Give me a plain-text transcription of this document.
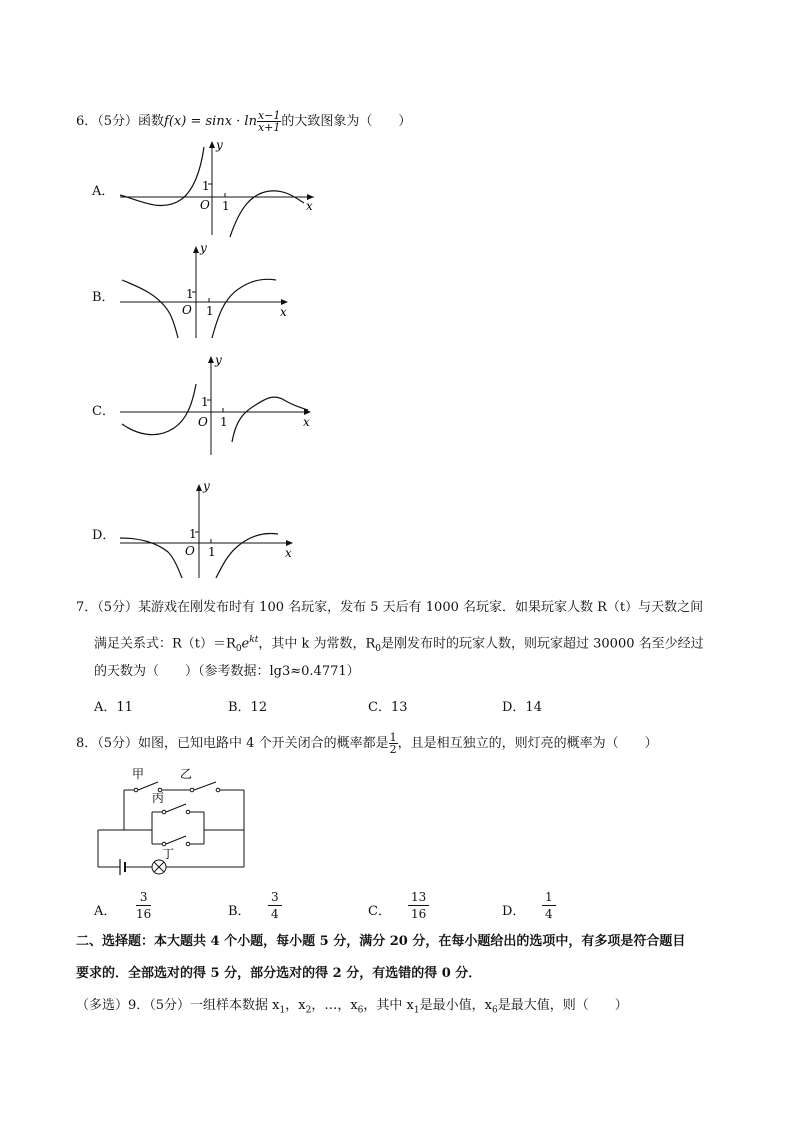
6．（5分）函数$f(x) = \sin x \cdot \ln \frac{x-1}{x+1}$ 的大致图象为（　　）
A．
y
x
O
1
1
B．
y
x
O
1
1
C．
y
x
O
1
1
D．
y
x
O
1
1
7．（5分）某游戏在刚发布时有 100 名玩家，发布 5 天后有 1000 名玩家．如果玩家人数 R（t）与天数之间
满足关系式：$R(t)=R_0e^{kt}$，其中 k 为常数，$R_0$是刚发布时的玩家人数，则玩家超过 30000 名至少经过
的天数为（　　）（参考数据：lg3≈0.4771）
A．11	B．12	C．13	D．14
8．（5分）如图，已知电路中 4 个开关闭合的概率都是 $\frac{1}{2}$ ，且是相互独立的，则灯亮的概率为（　　）
甲	乙
丙
丁
A． $\frac{3}{16}$	B． $\frac{3}{4}$	C． $\frac{13}{16}$	D． $\frac{1}{4}$
二、选择题：本大题共 4 个小题，每小题 5 分，满分 20 分，在每小题给出的选项中，有多项是符合题目
要求的．全部选对的得 5 分，部分选对的得 2 分，有选错的得 0 分．
（多选）9．（5分）一组样本数据 $x_1$，$x_2$，…，$x_6$，其中 $x_1$是最小值，$x_6$是最大值，则（　　）
